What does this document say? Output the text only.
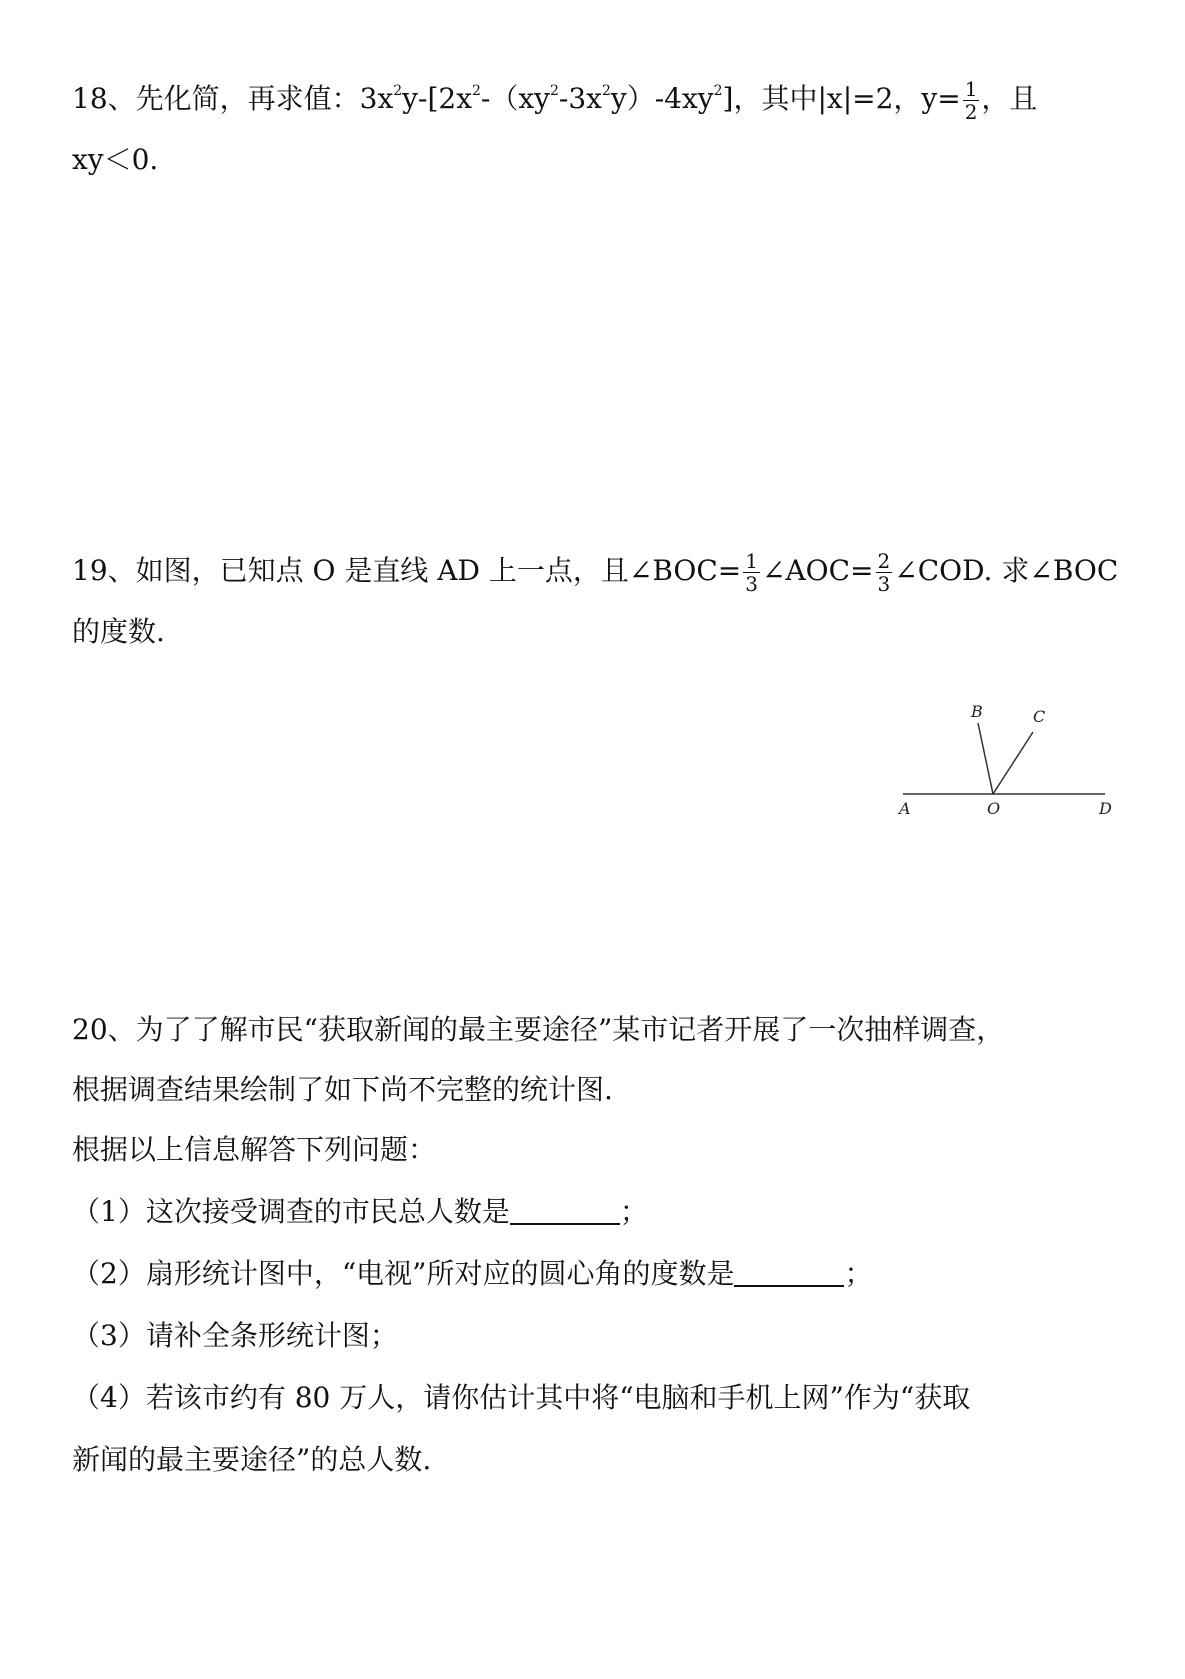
18、先化简，再求值：$3x^2y-[2x^2-(xy^2-3x^2y)-4xy^2]$，其中|x|=2，$y= \frac{1}{2}$ ，且
xy＜0.
19、如图，已知点 O 是直线 AD 上一点，且∠BOC= $\frac{1}{3}$ ∠AOC= $\frac{2}{3}$ ∠COD. 求∠BOC
的度数.
A	O	D
B	C
20、为了了解市民“获取新闻的最主要途径”某市记者开展了一次抽样调查，
根据调查结果绘制了如下尚不完整的统计图.
根据以上信息解答下列问题：
（1）这次接受调查的市民总人数是	；
（2）扇形统计图中，“电视”所对应的圆心角的度数是	；
（3）请补全条形统计图；
（4）若该市约有 80 万人，请你估计其中将“电脑和手机上网”作为“获取
新闻的最主要途径”的总人数.
